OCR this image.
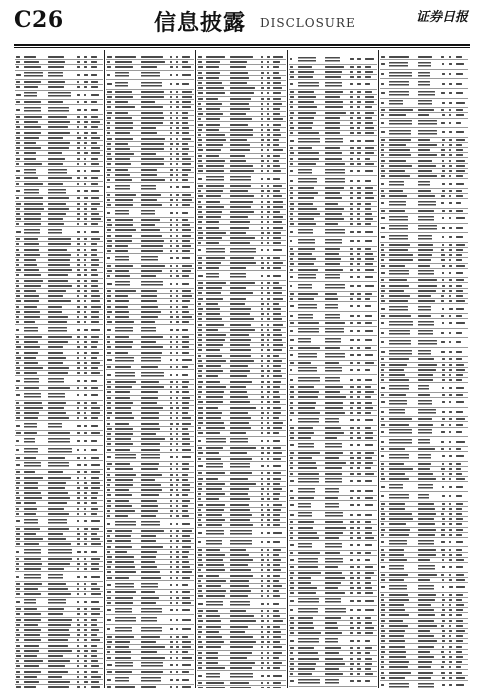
C26	信息披露 DISCLOSURE	证券日报
